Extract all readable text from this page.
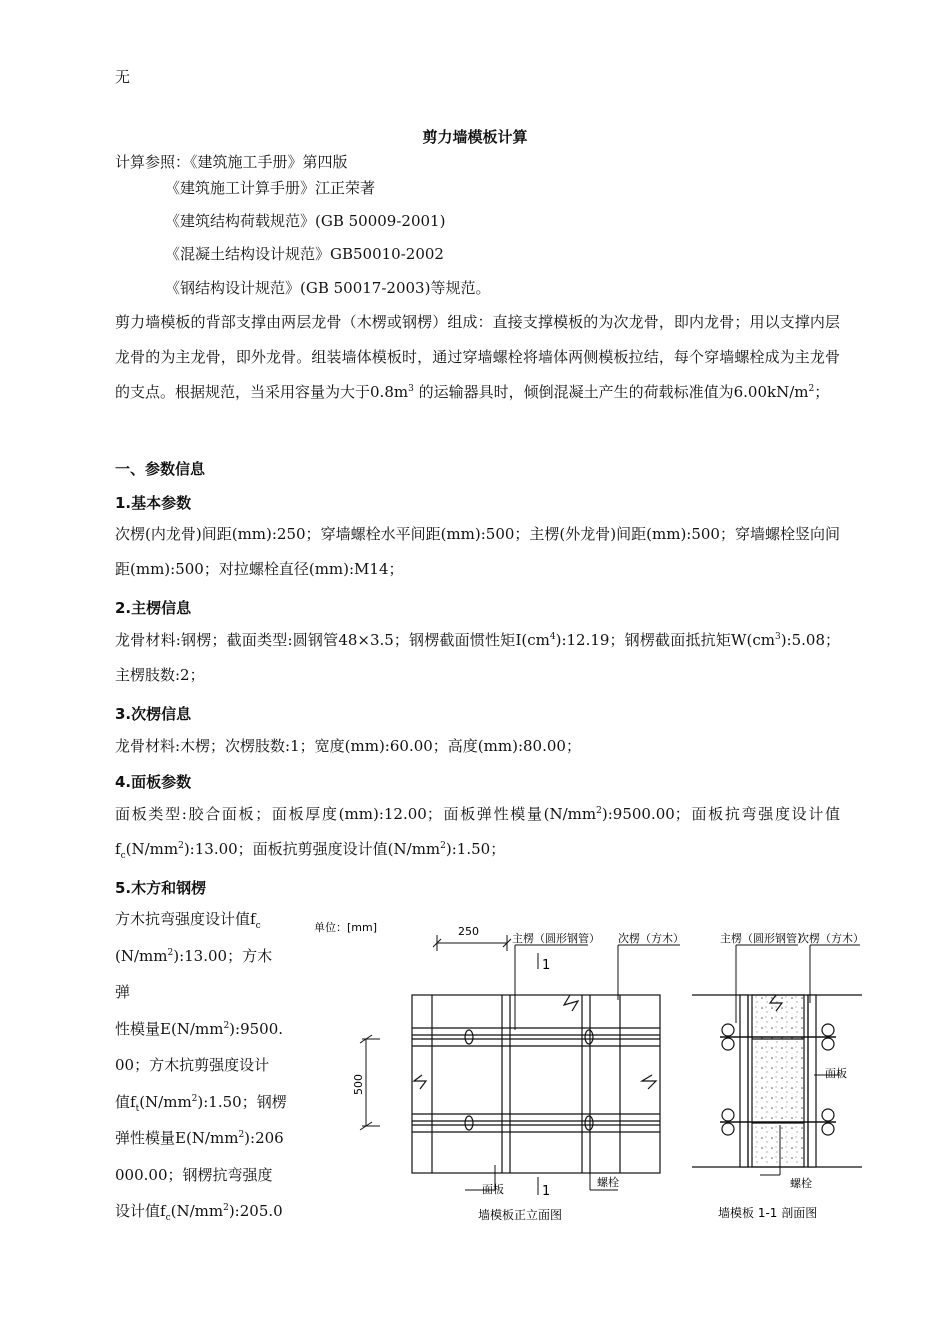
无
剪力墙模板计算
计算参照：《建筑施工手册》第四版
《建筑施工计算手册》江正荣著
《建筑结构荷载规范》(GB 50009-2001)
《混凝土结构设计规范》GB50010-2002
《钢结构设计规范》(GB 50017-2003)等规范。
剪力墙模板的背部支撑由两层龙骨（木楞或钢楞）组成：直接支撑模板的为次龙骨，即内龙骨；用以支撑内层龙骨的为主龙骨，即外龙骨。组装墙体模板时，通过穿墙螺栓将墙体两侧模板拉结，每个穿墙螺栓成为主龙骨的支点。根据规范，当采用容量为大于$0.8m^3$ 的运输器具时，倾倒混凝土产生的荷载标准值为$6.00kN/m^2$；
一、参数信息
1.基本参数
次楞(内龙骨)间距(mm):250；穿墙螺栓水平间距(mm):500；主楞(外龙骨)间距(mm):500；穿墙螺栓竖向间距(mm):500；对拉螺栓直径(mm):M14；
2.主楞信息
龙骨材料:钢楞；截面类型:圆钢管48×3.5；钢楞截面惯性矩$I(cm^4):12.19$；钢楞截面抵抗矩$W(cm^3):5.08$；主楞肢数:2；
3.次楞信息
龙骨材料:木楞；次楞肢数:1；宽度(mm):60.00；高度(mm):80.00；
4.面板参数
面板类型:胶合面板；面板厚度(mm):12.00；面板弹性模量$(N/mm^2):9500.00$；面板抗弯强度设计值$f_c(N/mm^2):13.00$；面板抗剪强度设计值$(N/mm^2):1.50$；
5.木方和钢楞
方木抗弯强度设计值$f_c$
$(N/mm^2):13.00$；方木弹
性模量$E(N/mm^2):9500$.
00；方木抗剪强度设计
值$f_t(N/mm^2):1.50$；钢楞
弹性模量$E(N/mm^2):206$
000.00；钢楞抗弯强度
设计值$f_c(N/mm^2):205.0$
单位：[mm]	250
500
主楞（圆形钢管） 次楞（方木）
1
1
面板
螺栓
墙模板正立面图
主楞（圆形钢管）
次楞（方木）
面板
螺栓
墙模板 1-1 剖面图
